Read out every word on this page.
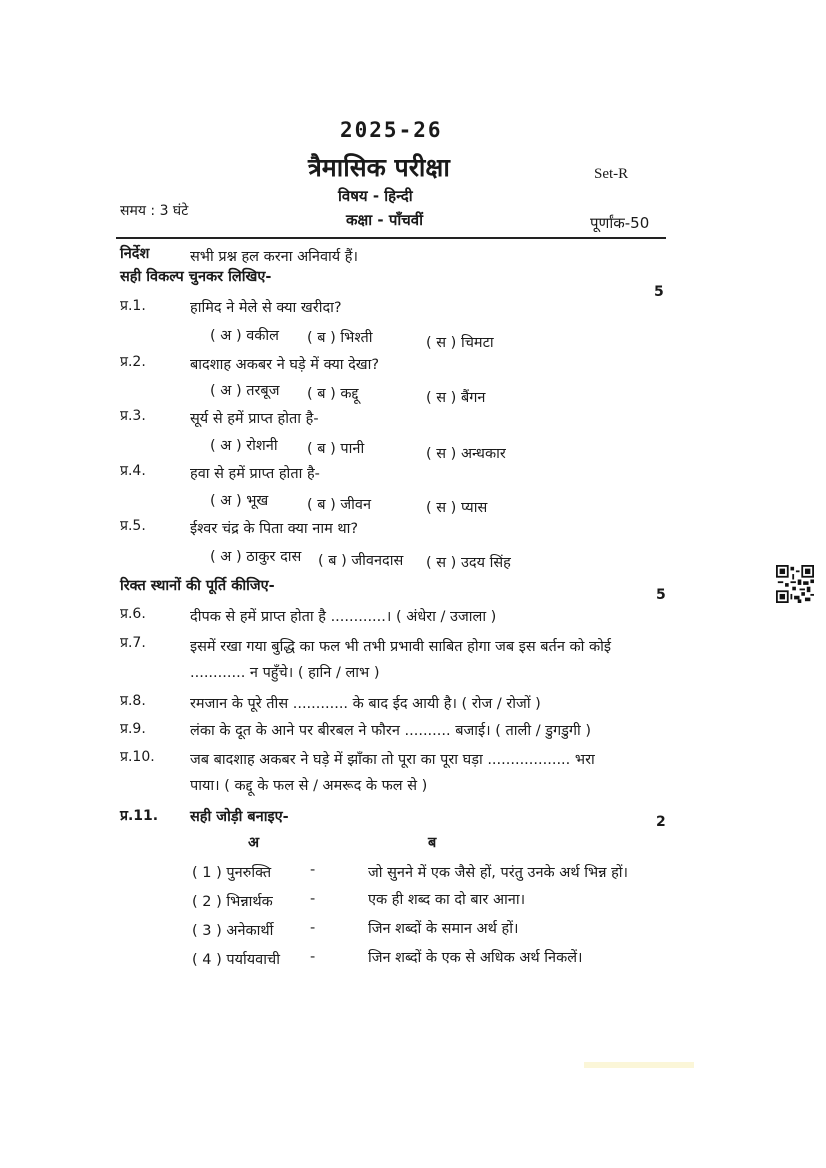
2025-26
त्रैमासिक परीक्षा	Set-R
विषय - हिन्दी
समय : 3 घंटे	कक्षा - पाँचवीं	पूर्णांक-50
निर्देश	सभी प्रश्न हल करना अनिवार्य हैं।
सही विकल्प चुनकर लिखिए-
5
प्र.1.	हामिद ने मेले से क्या खरीदा?
( अ ) वकील ( ब ) भिश्ती	( स ) चिमटा
प्र.2.	बादशाह अकबर ने घड़े में क्या देखा?
( अ ) तरबूज ( ब ) कद्दू	( स ) बैंगन
प्र.3.	सूर्य से हमें प्राप्त होता है-
( अ ) रोशनी ( ब ) पानी	( स ) अन्धकार
प्र.4.	हवा से हमें प्राप्त होता है-
( अ ) भूख	( ब ) जीवन	( स ) प्यास
प्र.5.	ईश्वर चंद्र के पिता क्या नाम था?
( अ ) ठाकुर दास ( ब ) जीवनदास ( स ) उदय सिंह
रिक्त स्थानों की पूर्ति कीजिए-
5
प्र.6.	दीपक से हमें प्राप्त होता है ............। ( अंधेरा / उजाला )
प्र.7.	इसमें रखा गया बुद्धि का फल भी तभी प्रभावी साबित होगा जब इस बर्तन को कोई
............ न पहुँचे। ( हानि / लाभ )
प्र.8.	रमजान के पूरे तीस ............ के बाद ईद आयी है। ( रोज / रोजों )
प्र.9.	लंका के दूत के आने पर बीरबल ने फौरन .......... बजाई। ( ताली / डुगडुगी )
प्र.10. जब बादशाह अकबर ने घड़े में झाँका तो पूरा का पूरा घड़ा .................. भरा
पाया। ( कद्दू के फल से / अमरूद के फल से )
प्र.11. सही जोड़ी बनाइए-	2
अ	ब
( 1 ) पुनरुक्ति	-	जो सुनने में एक जैसे हों, परंतु उनके अर्थ भिन्न हों।
( 2 ) भिन्नार्थक	-	एक ही शब्द का दो बार आना।
( 3 ) अनेकार्थी	-	जिन शब्दों के समान अर्थ हों।
( 4 ) पर्यायवाची -	जिन शब्दों के एक से अधिक अर्थ निकलें।
